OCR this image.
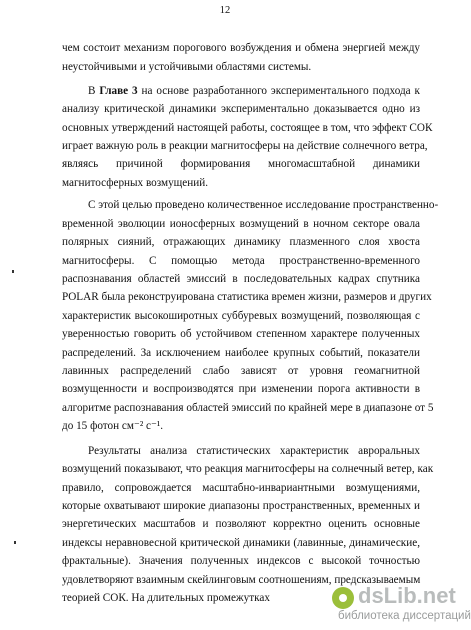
12
чем состоит механизм порогового возбуждения и обмена энергией между
неустойчивыми и устойчивыми областями системы.
В Главе 3 на основе разработанного экспериментального подхода к
анализу критической динамики экспериментально доказывается одно из
основных утверждений настоящей работы, состоящее в том, что эффект СОК
играет важную роль в реакции магнитосферы на действие солнечного ветра,
являясь причиной формирования многомасштабной динамики
магнитосферных возмущений.
С этой целью проведено количественное исследование пространственно-
временной эволюции ионосферных возмущений в ночном секторе овала
полярных сияний, отражающих динамику плазменного слоя хвоста
магнитосферы. С помощью метода пространственно-временного
распознавания областей эмиссий в последовательных кадрах спутника
POLAR была реконструирована статистика времен жизни, размеров и других
характеристик высокоширотных суббуревых возмущений, позволяющая с
уверенностью говорить об устойчивом степенном характере полученных
распределений. За исключением наиболее крупных событий, показатели
лавинных распределений слабо зависят от уровня геомагнитной
возмущенности и воспроизводятся при изменении порога активности в
алгоритме распознавания областей эмиссий по крайней мере в диапазоне от 5
до 15 фотон см⁻² с⁻¹.
Результаты анализа статистических характеристик авроральных
возмущений показывают, что реакция магнитосферы на солнечный ветер, как
правило, сопровождается масштабно-инвариантными возмущениями,
которые охватывают широкие диапазоны пространственных, временных и
энергетических масштабов и позволяют корректно оценить основные
индексы неравновесной критической динамики (лавинные, динамические,
фрактальные). Значения полученных индексов с высокой точностью
удовлетворяют взаимным скейлинговым соотношениям, предсказываемым
теорией СОК. На длительных промежутках	dsLib.net
библиотека диссертаций
